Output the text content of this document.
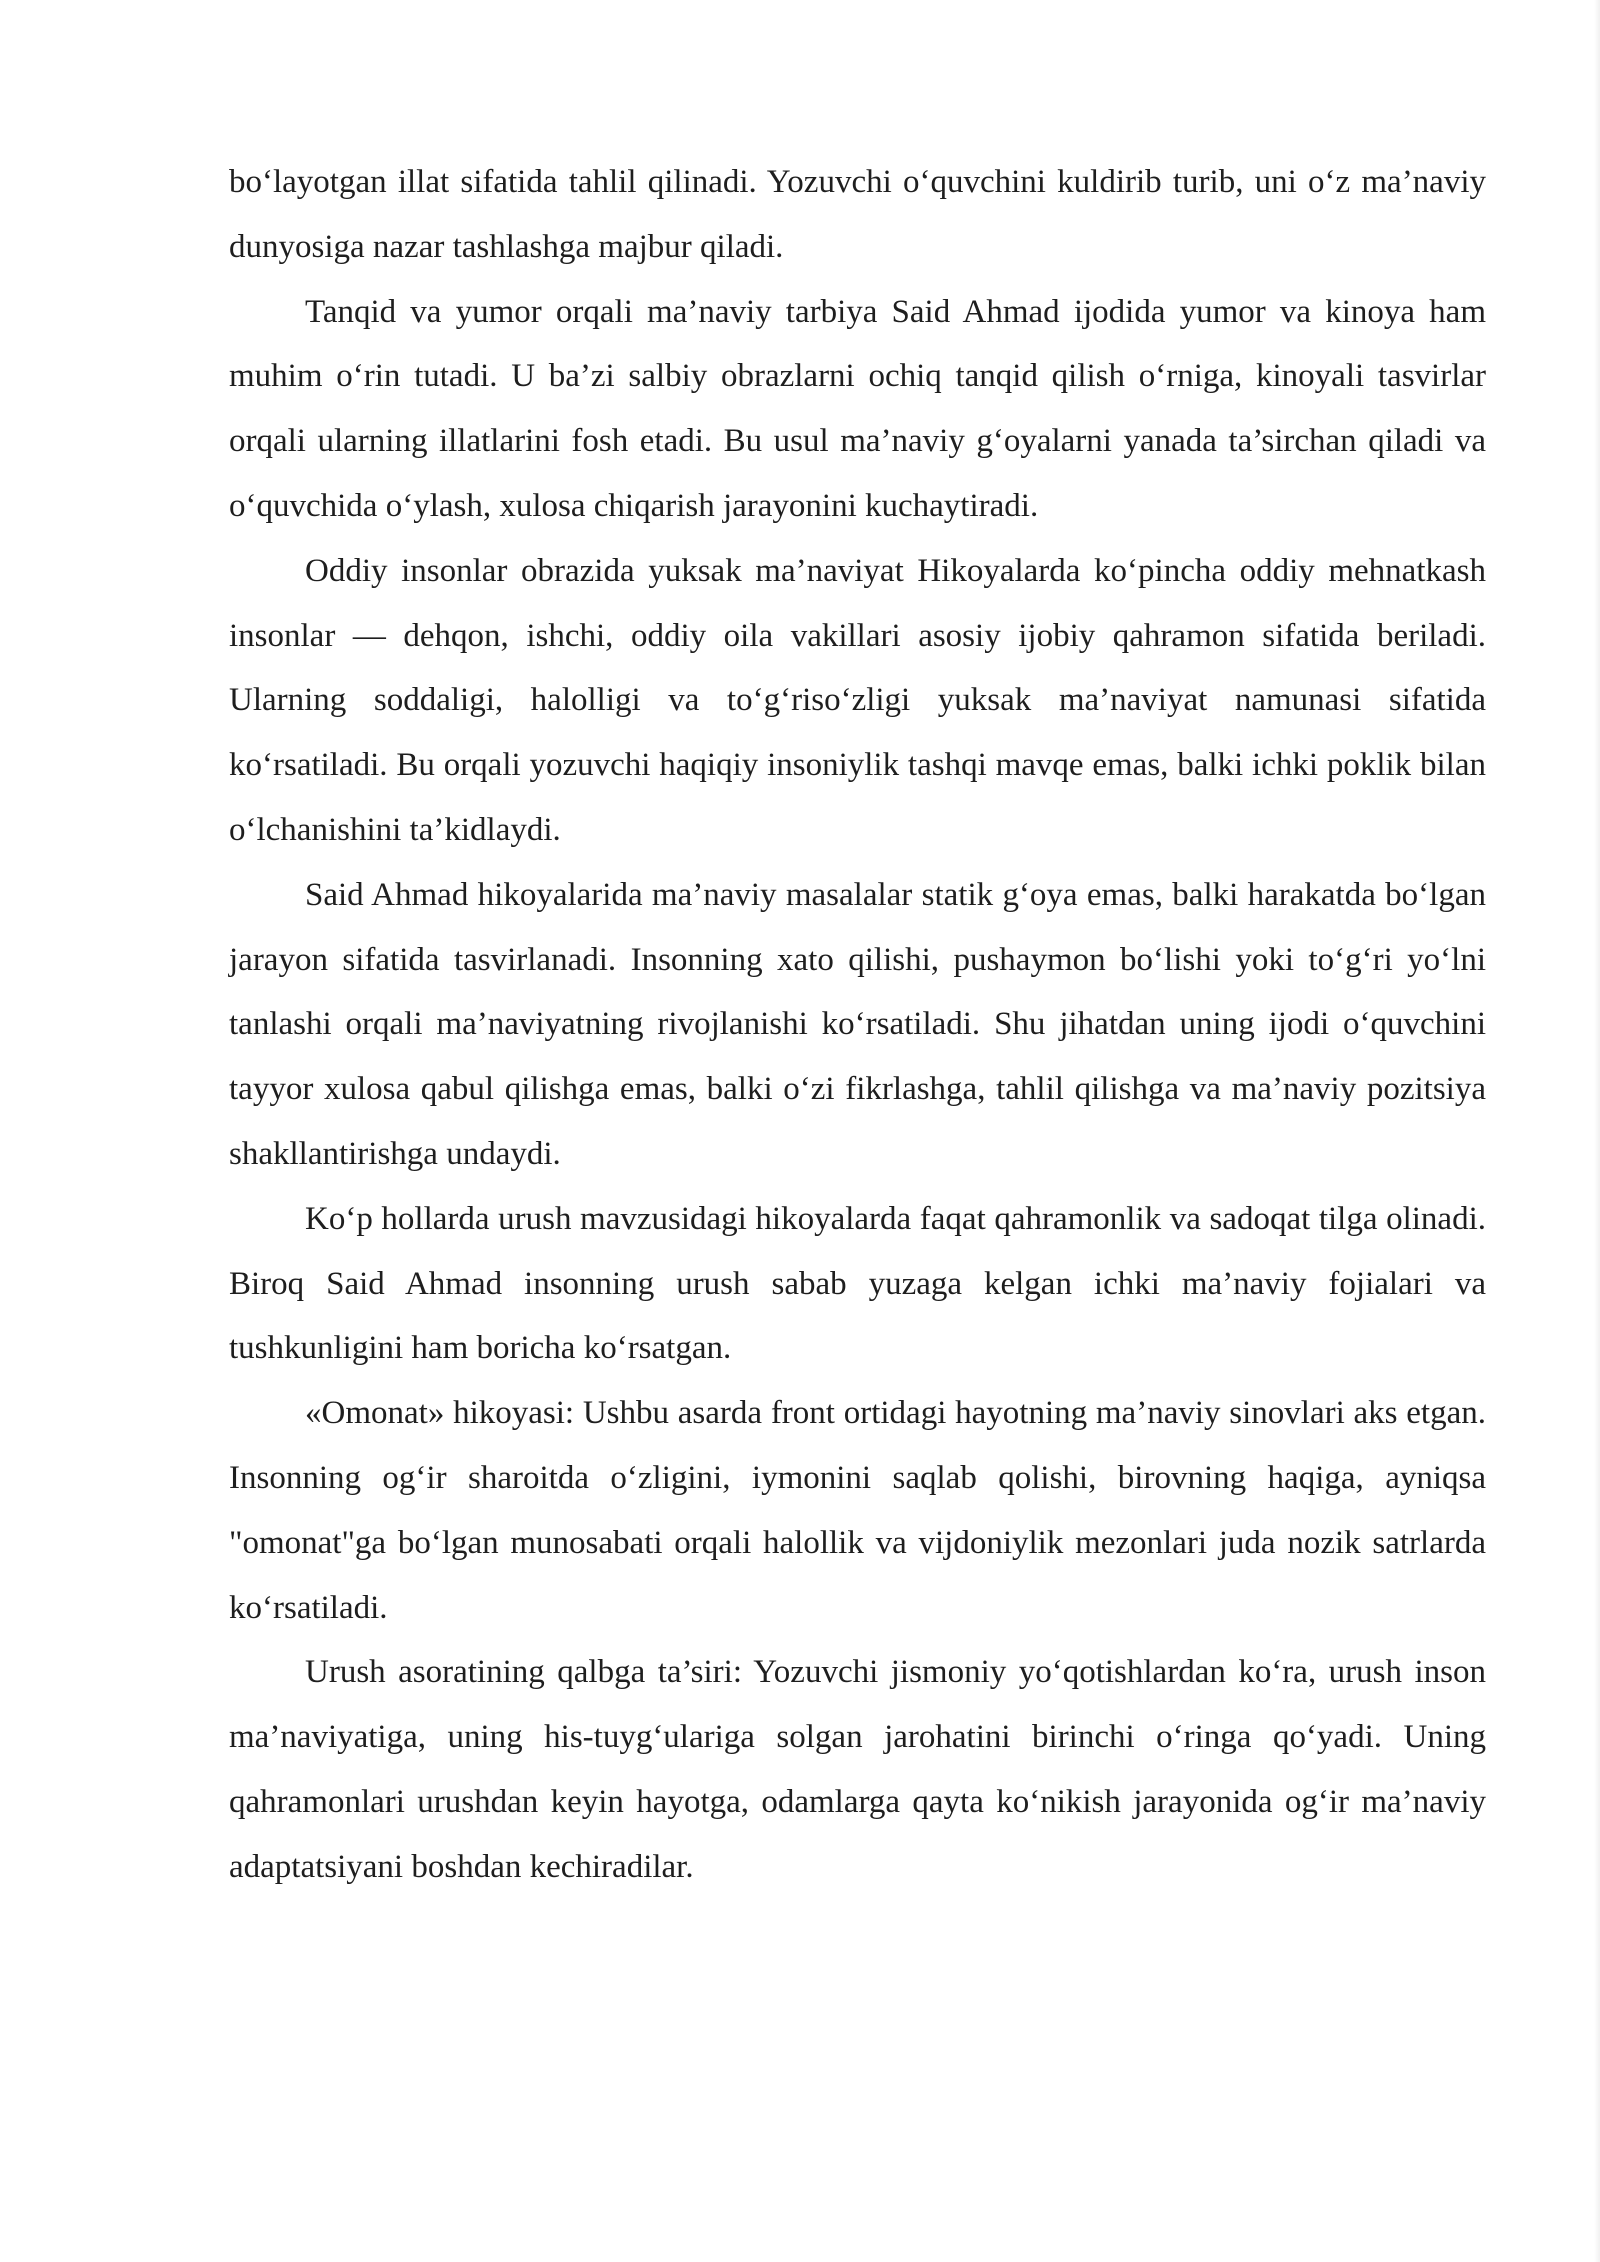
bo‘layotgan illat sifatida tahlil qilinadi. Yozuvchi o‘quvchini kuldirib turib, uni o‘z ma’naviy dunyosiga nazar tashlashga majbur qiladi.

Tanqid va yumor orqali ma’naviy tarbiya Said Ahmad ijodida yumor va kinoya ham muhim o‘rin tutadi. U ba’zi salbiy obrazlarni ochiq tanqid qilish o‘rniga, kinoyali tasvirlar orqali ularning illatlarini fosh etadi. Bu usul ma’naviy g‘oyalarni yanada ta’sirchan qiladi va o‘quvchida o‘ylash, xulosa chiqarish jarayonini kuchaytiradi.

Oddiy insonlar obrazida yuksak ma’naviyat Hikoyalarda ko‘pincha oddiy mehnatkash insonlar — dehqon, ishchi, oddiy oila vakillari asosiy ijobiy qahramon sifatida beriladi. Ularning soddaligi, halolligi va to‘g‘riso‘zligi yuksak ma’naviyat namunasi sifatida ko‘rsatiladi. Bu orqali yozuvchi haqiqiy insoniylik tashqi mavqe emas, balki ichki poklik bilan o‘lchanishini ta’kidlaydi.

Said Ahmad hikoyalarida ma’naviy masalalar statik g‘oya emas, balki harakatda bo‘lgan jarayon sifatida tasvirlanadi. Insonning xato qilishi, pushaymon bo‘lishi yoki to‘g‘ri yo‘lni tanlashi orqali ma’naviyatning rivojlanishi ko‘rsatiladi. Shu jihatdan uning ijodi o‘quvchini tayyor xulosa qabul qilishga emas, balki o‘zi fikrlashga, tahlil qilishga va ma’naviy pozitsiya shakllantirishga undaydi.

Ko‘p hollarda urush mavzusidagi hikoyalarda faqat qahramonlik va sadoqat tilga olinadi. Biroq Said Ahmad insonning urush sabab yuzaga kelgan ichki ma’naviy fojialari va tushkunligini ham boricha ko‘rsatgan.

«Omonat» hikoyasi: Ushbu asarda front ortidagi hayotning ma’naviy sinovlari aks etgan. Insonning og‘ir sharoitda o‘zligini, iymonini saqlab qolishi, birovning haqiga, ayniqsa "omonat"ga bo‘lgan munosabati orqali halollik va vijdoniylik mezonlari juda nozik satrlarda ko‘rsatiladi.

Urush asoratining qalbga ta’siri: Yozuvchi jismoniy yo‘qotishlardan ko‘ra, urush inson ma’naviyatiga, uning his-tuyg‘ulariga solgan jarohatini birinchi o‘ringa qo‘yadi. Uning qahramonlari urushdan keyin hayotga, odamlarga qayta ko‘nikish jarayonida og‘ir ma’naviy adaptatsiyani boshdan kechiradilar.
